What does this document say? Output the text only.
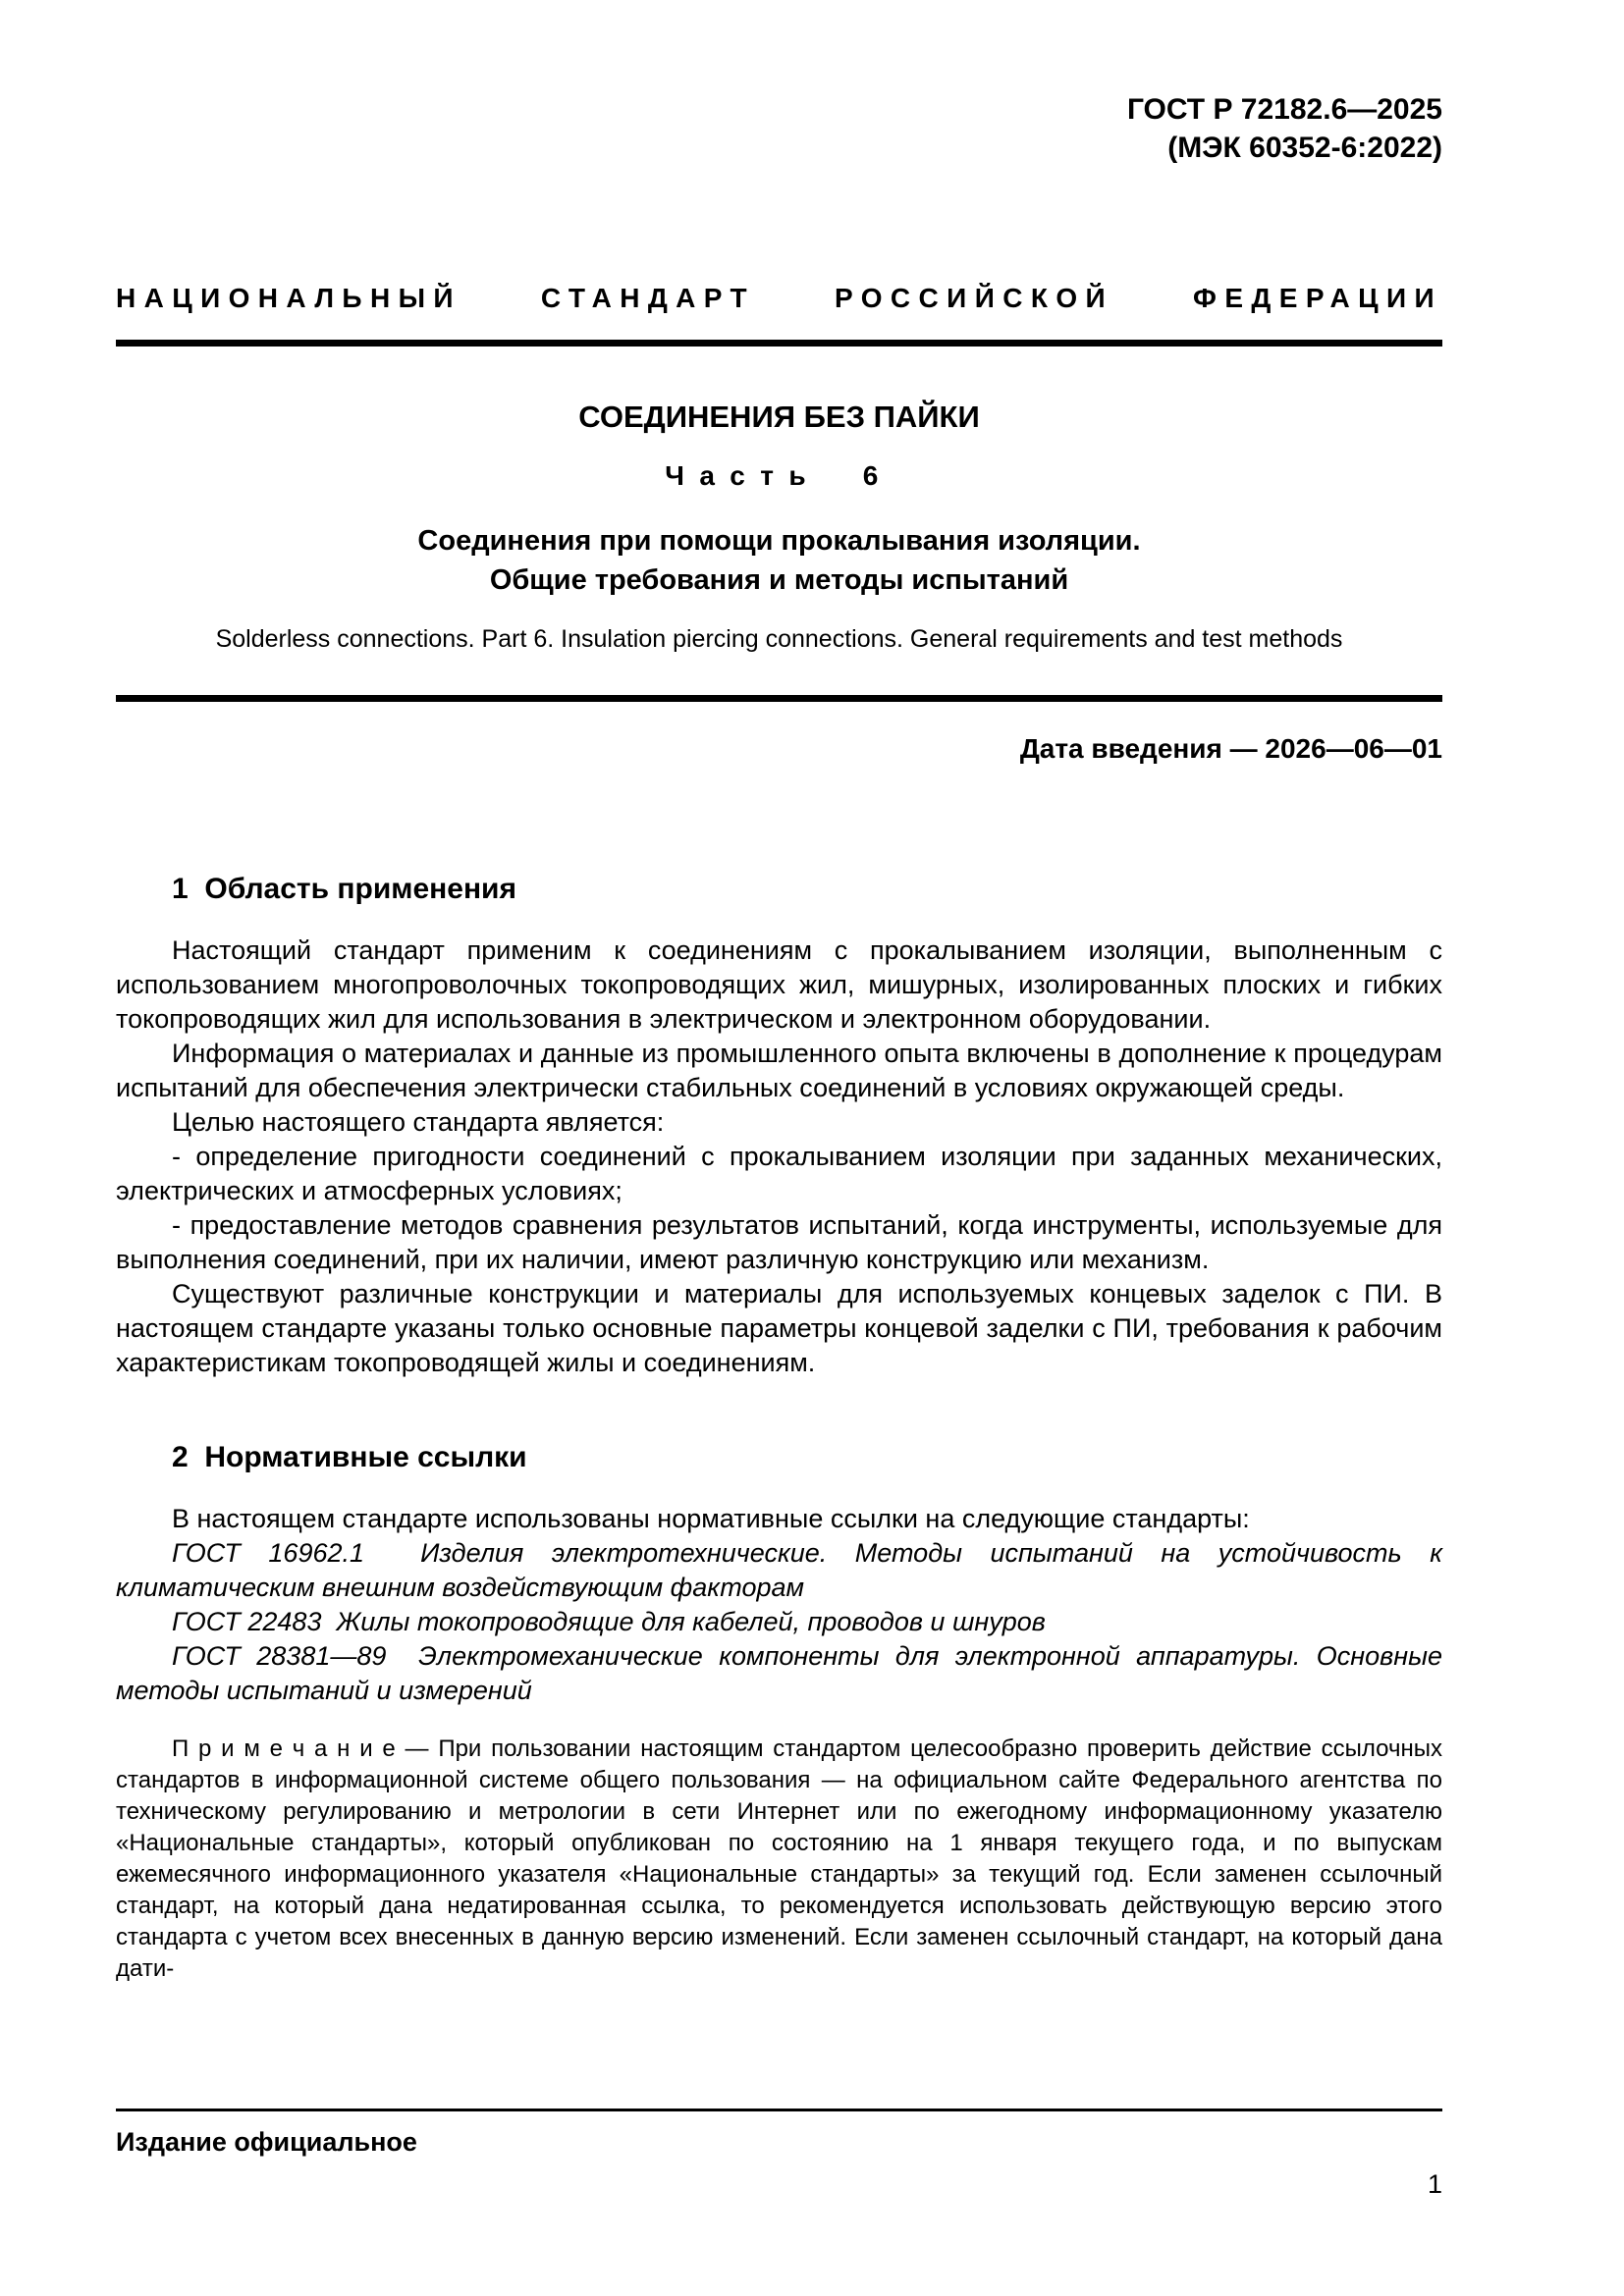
ГОСТ Р 72182.6—2025
(МЭК 60352-6:2022)
НАЦИОНАЛЬНЫЙ СТАНДАРТ РОССИЙСКОЙ ФЕДЕРАЦИИ
СОЕДИНЕНИЯ БЕЗ ПАЙКИ
Часть 6
Соединения при помощи прокалывания изоляции.
Общие требования и методы испытаний
Solderless connections. Part 6. Insulation piercing connections. General requirements and test methods
Дата введения — 2026—06—01
1  Область применения

Настоящий стандарт применим к соединениям с прокалыванием изоляции, выполненным с использованием многопроволочных токопроводящих жил, мишурных, изолированных плоских и гибких токопроводящих жил для использования в электрическом и электронном оборудовании.

Информация о материалах и данные из промышленного опыта включены в дополнение к процедурам испытаний для обеспечения электрически стабильных соединений в условиях окружающей среды.

Целью настоящего стандарта является:

- определение пригодности соединений с прокалыванием изоляции при заданных механических, электрических и атмосферных условиях;

- предоставление методов сравнения результатов испытаний, когда инструменты, используемые для выполнения соединений, при их наличии, имеют различную конструкцию или механизм.

Существуют различные конструкции и материалы для используемых концевых заделок с ПИ. В настоящем стандарте указаны только основные параметры концевой заделки с ПИ, требования к рабочим характеристикам токопроводящей жилы и соединениям.

2  Нормативные ссылки

В настоящем стандарте использованы нормативные ссылки на следующие стандарты:

ГОСТ 16962.1  Изделия электротехнические. Методы испытаний на устойчивость к климатическим внешним воздействующим факторам

ГОСТ 22483  Жилы токопроводящие для кабелей, проводов и шнуров

ГОСТ 28381—89  Электромеханические компоненты для электронной аппаратуры. Основные методы испытаний и измерений

П р и м е ч а н и е — При пользовании настоящим стандартом целесообразно проверить действие ссылочных стандартов в информационной системе общего пользования — на официальном сайте Федерального агентства по техническому регулированию и метрологии в сети Интернет или по ежегодному информационному указателю «Национальные стандарты», который опубликован по состоянию на 1 января текущего года, и по выпускам ежемесячного информационного указателя «Национальные стандарты» за текущий год. Если заменен ссылочный стандарт, на который дана недатированная ссылка, то рекомендуется использовать действующую версию этого стандарта с учетом всех внесенных в данную версию изменений. Если заменен ссылочный стандарт, на который дана дати-

Издание официальное
1
